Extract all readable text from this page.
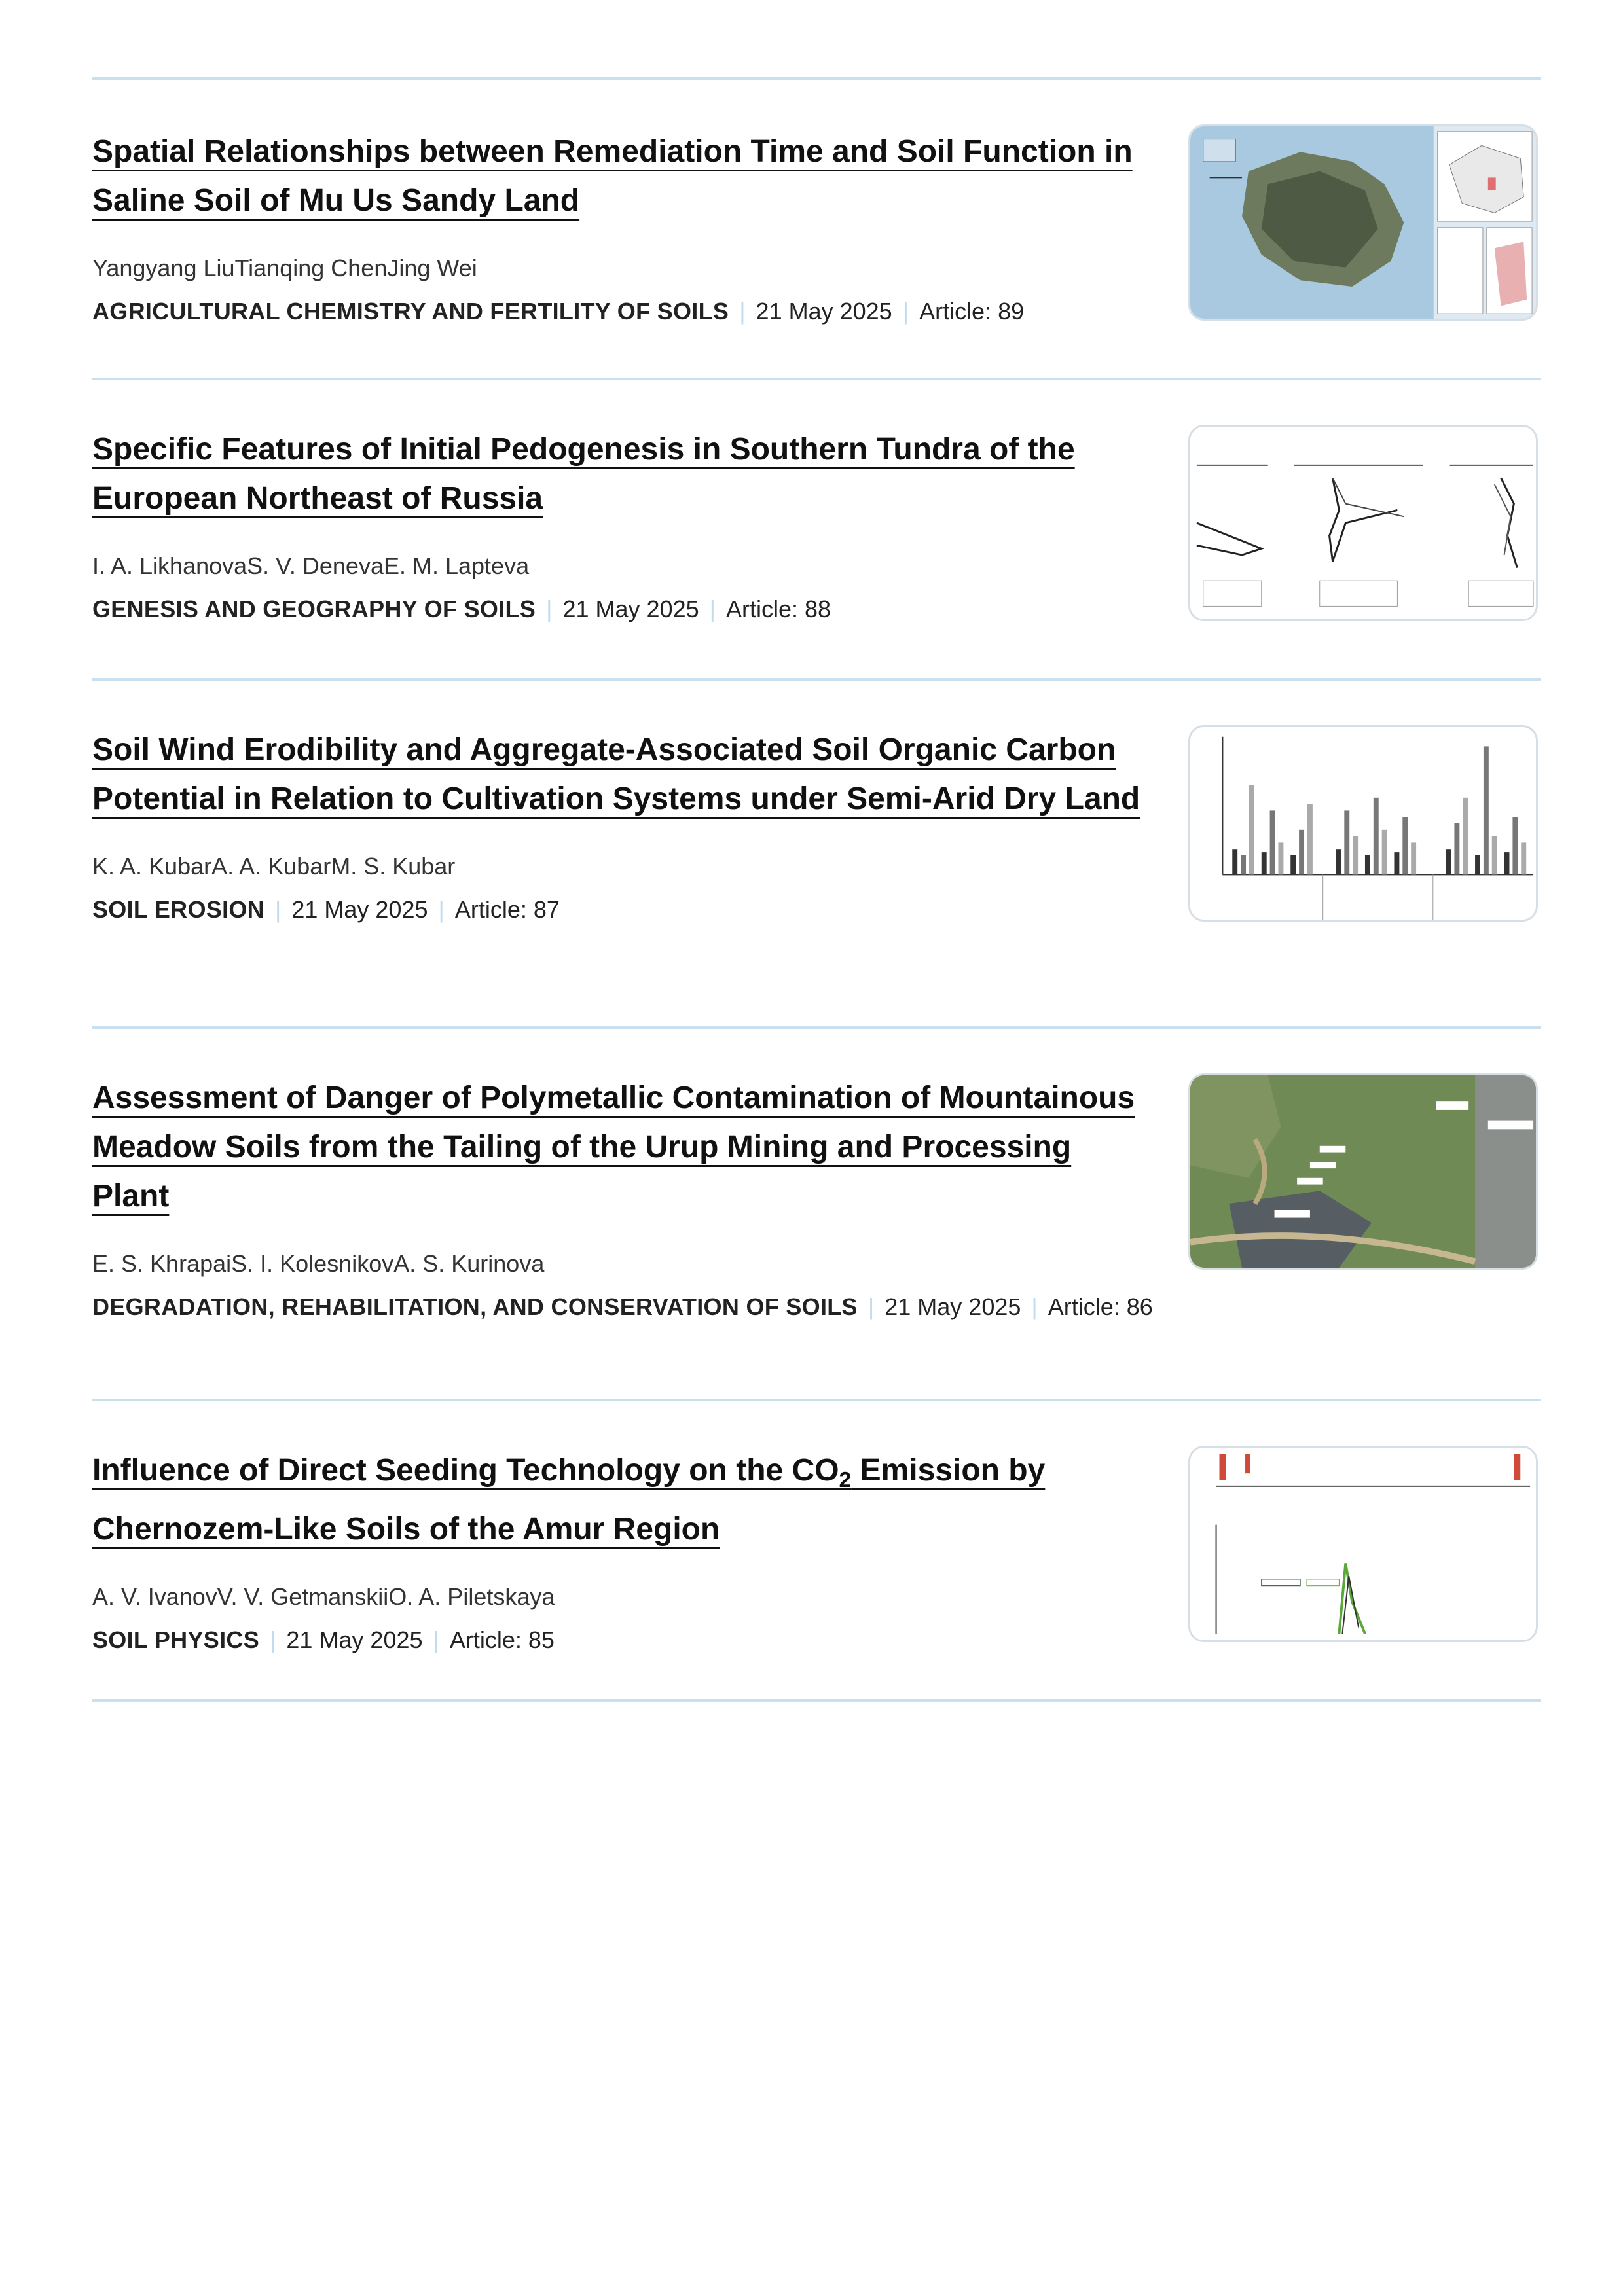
Spatial Relationships between Remediation Time and Soil Function in Saline Soil of Mu Us Sandy Land
Yangyang LiuTianqing ChenJing Wei
AGRICULTURAL CHEMISTRY AND FERTILITY OF SOILS | 21 May 2025 | Article: 89
Specific Features of Initial Pedogenesis in Southern Tundra of the European Northeast of Russia
I. A. LikhanovaS. V. DenevaE. M. Lapteva
GENESIS AND GEOGRAPHY OF SOILS | 21 May 2025 | Article: 88
Soil Wind Erodibility and Aggregate-Associated Soil Organic Carbon Potential in Relation to Cultivation Systems under Semi-Arid Dry Land
K. A. KubarA. A. KubarM. S. Kubar
SOIL EROSION | 21 May 2025 | Article: 87
Assessment of Danger of Polymetallic Contamination of Mountainous Meadow Soils from the Tailing of the Urup Mining and Processing Plant
E. S. KhrapaiS. I. KolesnikovA. S. Kurinova
DEGRADATION, REHABILITATION, AND CONSERVATION OF SOILS | 21 May 2025 | Article: 86
Influence of Direct Seeding Technology on the $CO_2$ Emission by Chernozem-Like Soils of the Amur Region
A. V. IvanovV. V. GetmanskiiO. A. Piletskaya
SOIL PHYSICS | 21 May 2025 | Article: 85
